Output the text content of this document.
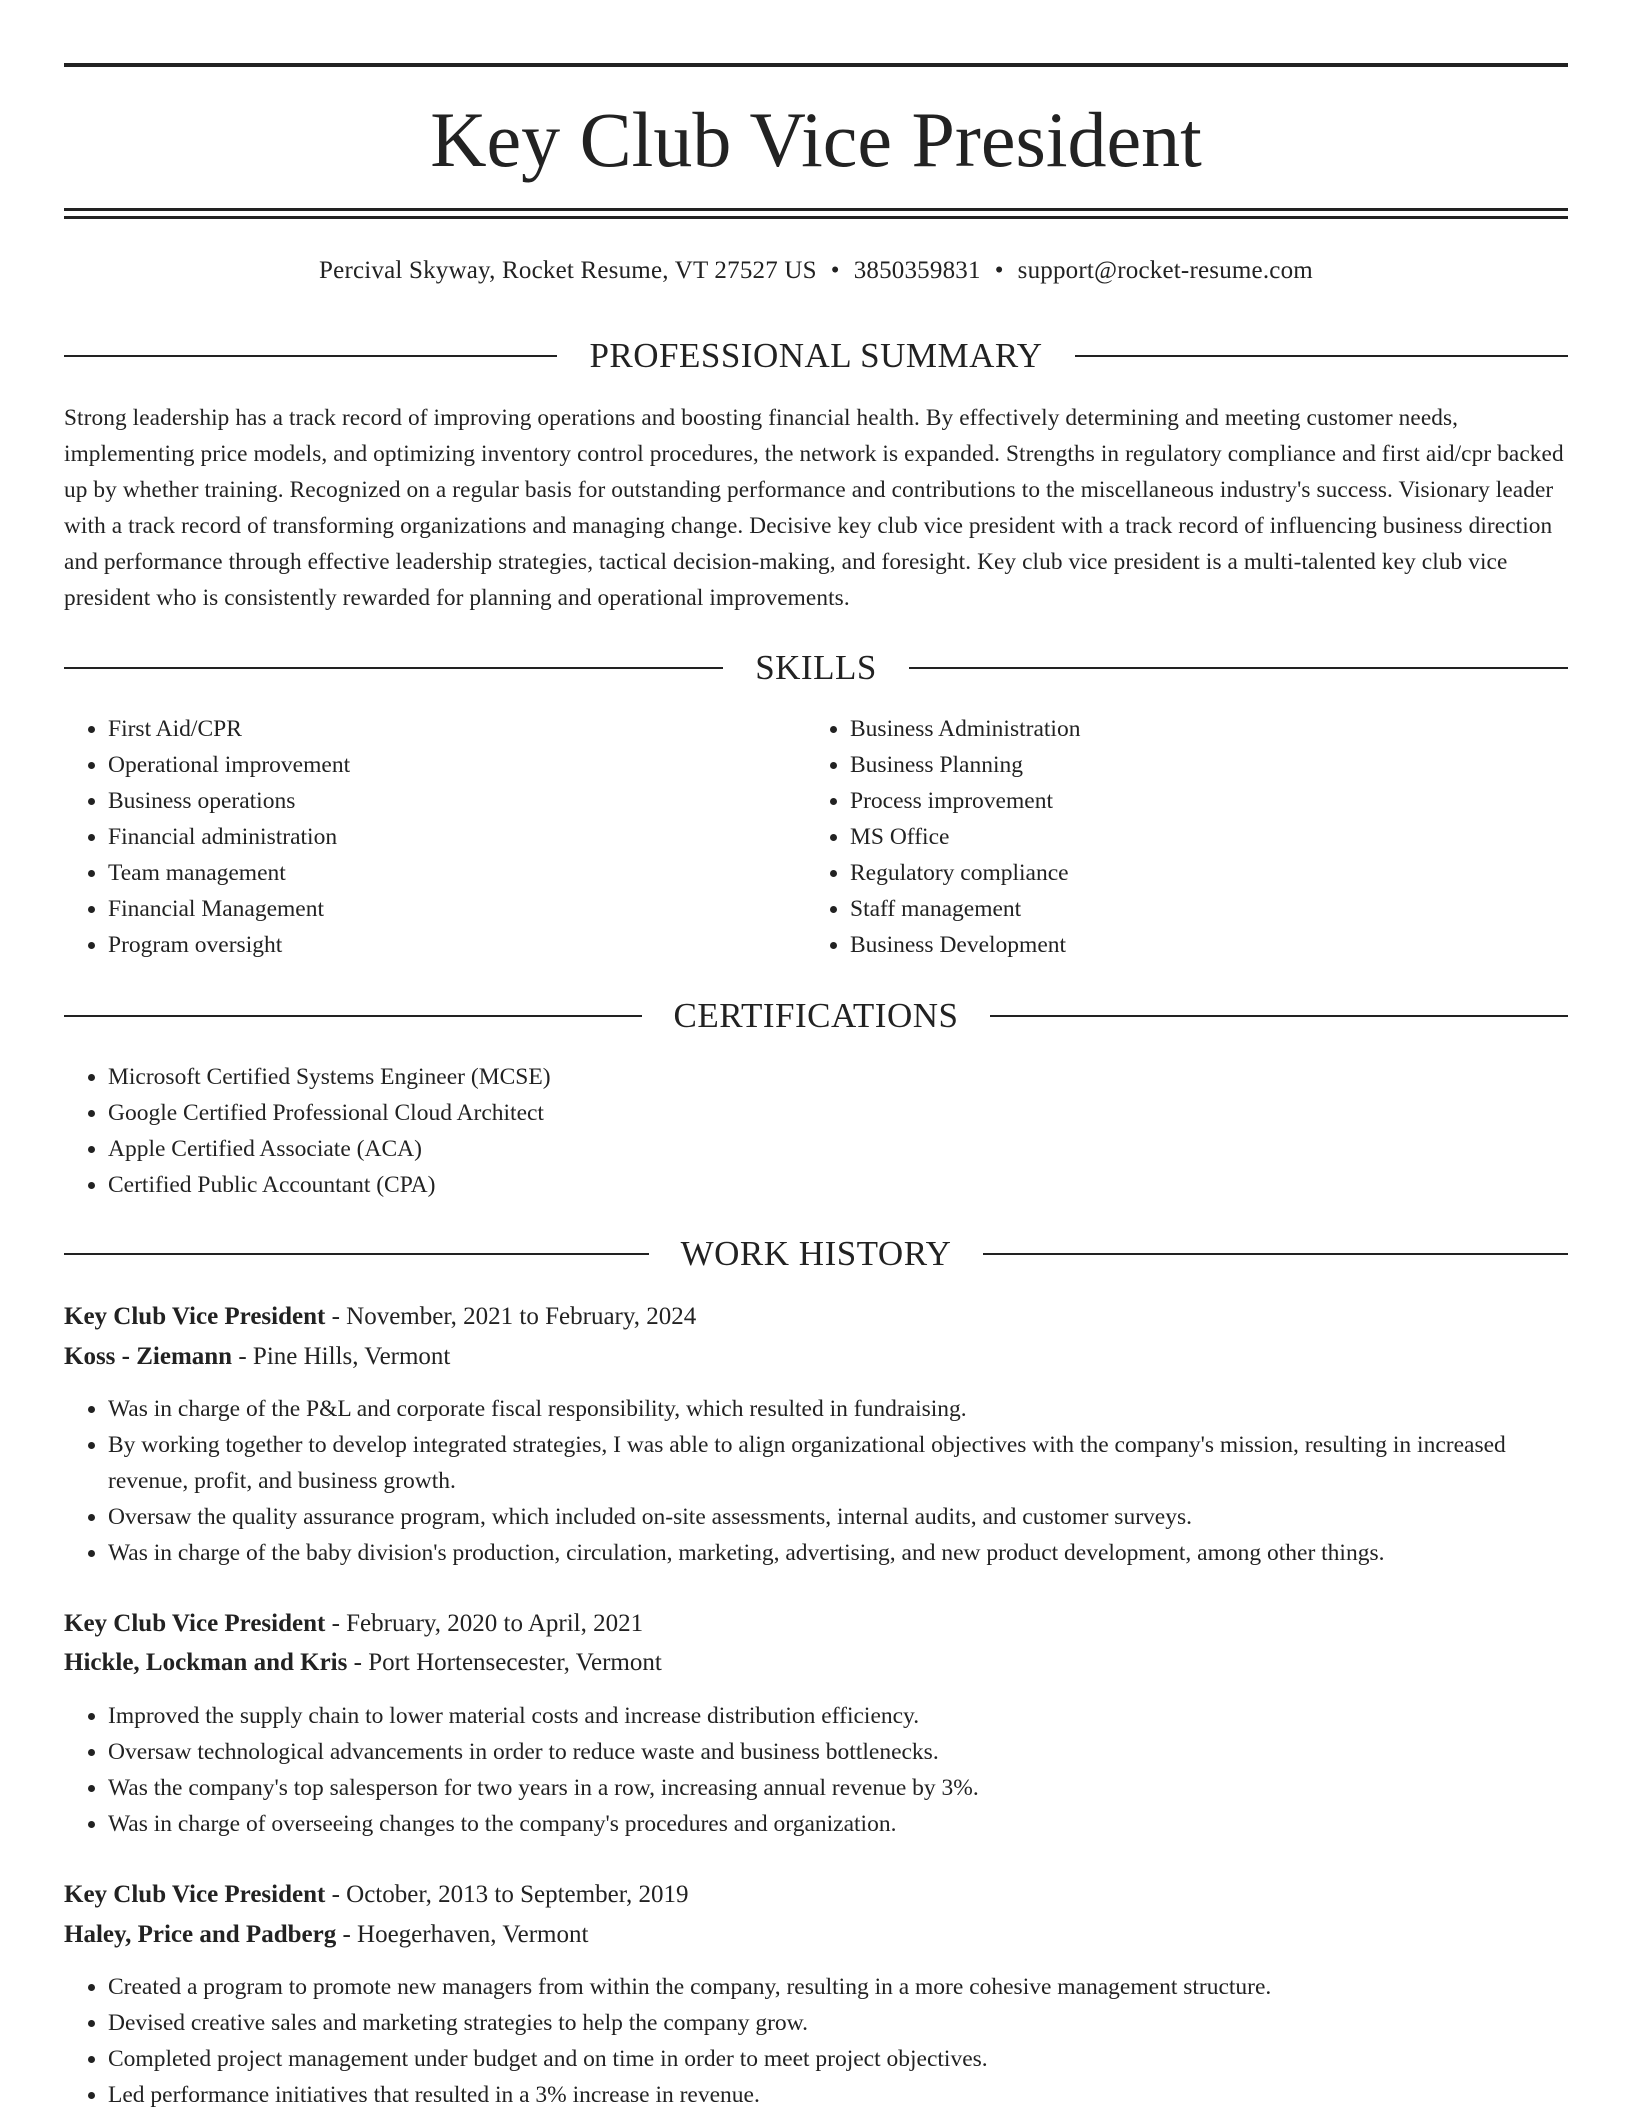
Key Club Vice President
Percival Skyway, Rocket Resume, VT 27527 US • 3850359831 • support@rocket-resume.com
PROFESSIONAL SUMMARY

Strong leadership has a track record of improving operations and boosting financial health. By effectively determining and meeting customer needs, implementing price models, and optimizing inventory control procedures, the network is expanded. Strengths in regulatory compliance and first aid/cpr backed up by whether training. Recognized on a regular basis for outstanding performance and contributions to the miscellaneous industry's success. Visionary leader with a track record of transforming organizations and managing change. Decisive key club vice president with a track record of influencing business direction and performance through effective leadership strategies, tactical decision-making, and foresight. Key club vice president is a multi-talented key club vice president who is consistently rewarded for planning and operational improvements.

SKILLS
• First Aid/CPR
• Operational improvement
• Business operations
• Financial administration
• Team management
• Financial Management
• Program oversight
• Business Administration
• Business Planning
• Process improvement
• MS Office
• Regulatory compliance
• Staff management
• Business Development
CERTIFICATIONS
• Microsoft Certified Systems Engineer (MCSE)
• Google Certified Professional Cloud Architect
• Apple Certified Associate (ACA)
• Certified Public Accountant (CPA)
WORK HISTORY
Key Club Vice President - November, 2021 to February, 2024
Koss - Ziemann - Pine Hills, Vermont
• Was in charge of the P&L and corporate fiscal responsibility, which resulted in fundraising.
• By working together to develop integrated strategies, I was able to align organizational objectives with the company's mission, resulting in increased revenue, profit, and business growth.
• Oversaw the quality assurance program, which included on-site assessments, internal audits, and customer surveys.
• Was in charge of the baby division's production, circulation, marketing, advertising, and new product development, among other things.
Key Club Vice President - February, 2020 to April, 2021
Hickle, Lockman and Kris - Port Hortensecester, Vermont
• Improved the supply chain to lower material costs and increase distribution efficiency.
• Oversaw technological advancements in order to reduce waste and business bottlenecks.
• Was the company's top salesperson for two years in a row, increasing annual revenue by 3%.
• Was in charge of overseeing changes to the company's procedures and organization.
Key Club Vice President - October, 2013 to September, 2019
Haley, Price and Padberg - Hoegerhaven, Vermont
• Created a program to promote new managers from within the company, resulting in a more cohesive management structure.
• Devised creative sales and marketing strategies to help the company grow.
• Completed project management under budget and on time in order to meet project objectives.
• Led performance initiatives that resulted in a 3% increase in revenue.
